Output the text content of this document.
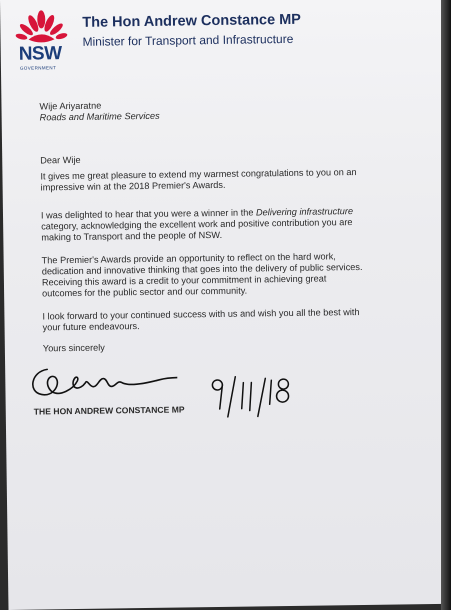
NSW
GOVERNMENT
The Hon Andrew Constance MP
Minister for Transport and Infrastructure
Wije Ariyaratne
Roads and Maritime Services
Dear Wije
It gives me great pleasure to extend my warmest congratulations to you on an
impressive win at the 2018 Premier's Awards.
I was delighted to hear that you were a winner in the Delivering infrastructure
category, acknowledging the excellent work and positive contribution you are
making to Transport and the people of NSW.
The Premier's Awards provide an opportunity to reflect on the hard work,
dedication and innovative thinking that goes into the delivery of public services.
Receiving this award is a credit to your commitment in achieving great
outcomes for the public sector and our community.
I look forward to your continued success with us and wish you all the best with
your future endeavours.
Yours sincerely
THE HON ANDREW CONSTANCE MP
